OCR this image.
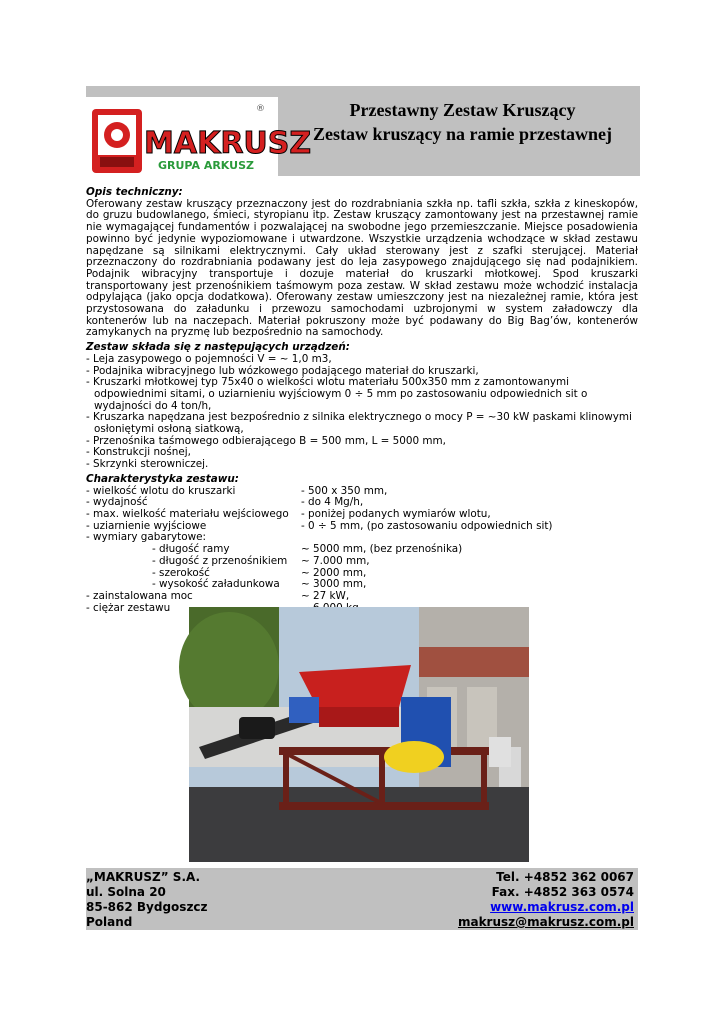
®
MAKRUSZ
GRUPA ARKUSZ
Przestawny Zestaw Kruszący
Zestaw kruszący na ramie przestawnej
Opis techniczny:
Oferowany zestaw kruszący przeznaczony jest do rozdrabniania szkła np. tafli szkła, szkła z kineskopów, do gruzu budowlanego, śmieci, styropianu itp. Zestaw kruszący zamontowany jest na przestawnej ramie nie wymagającej fundamentów i pozwalającej na swobodne jego przemieszczanie. Miejsce posadowienia powinno być jedynie wypoziomowane i utwardzone. Wszystkie urządzenia wchodzące w skład zestawu napędzane są silnikami elektrycznymi. Cały układ sterowany jest z szafki sterującej. Materiał przeznaczony do rozdrabniania podawany jest do leja zasypowego znajdującego się nad podajnikiem. Podajnik wibracyjny transportuje i dozuje materiał do kruszarki młotkowej. Spod kruszarki transportowany jest przenośnikiem taśmowym poza zestaw. W skład zestawu może wchodzić instalacja odpylająca (jako opcja dodatkowa). Oferowany zestaw umieszczony jest na niezależnej ramie, która jest przystosowana do załadunku i przewozu samochodami uzbrojonymi w system załadowczy dla kontenerów lub na naczepach. Materiał pokruszony może być podawany do Big Bag’ów, kontenerów zamykanych na pryzmę lub bezpośrednio na samochody.
Zestaw składa się z następujących urządzeń:
- Leja zasypowego o pojemności V = ~ 1,0 m3,
- Podajnika wibracyjnego lub wózkowego podającego materiał do kruszarki,
- Kruszarki młotkowej typ 75x40 o wielkości wlotu materiału 500x350 mm z zamontowanymi odpowiednimi sitami, o uziarnieniu wyjściowym 0 ÷ 5 mm po zastosowaniu odpowiednich sit o wydajności do 4 ton/h,
- Kruszarka napędzana jest bezpośrednio z silnika elektrycznego o mocy P = ~30 kW paskami klinowymi osłoniętymi osłoną siatkową,
- Przenośnika taśmowego odbierającego B = 500 mm, L = 5000 mm,
- Konstrukcji nośnej,
- Skrzynki sterowniczej.
Charakterystyka zestawu:
- wielkość wlotu do kruszarki	- 500 x 350 mm,
- wydajność	- do 4 Mg/h,
- max. wielkość materiału wejściowego	- poniżej podanych wymiarów wlotu,
- uziarnienie wyjściowe	- 0 ÷ 5 mm, (po zastosowaniu odpowiednich sit)
- wymiary gabarytowe:
- długość ramy	~ 5000 mm, (bez przenośnika)
- długość z przenośnikiem	~ 7.000 mm,
- szerokość	~ 2000 mm,
- wysokość załadunkowa	~ 3000 mm,
- zainstalowana moc	~ 27 kW,
- ciężar zestawu
„MAKRUSZ” S.A.
ul. Solna 20
85-862 Bydgoszcz
Poland
Tel. +4852 362 0067
Fax. +4852 363 0574
www.makrusz.com.pl
makrusz@makrusz.com.pl
